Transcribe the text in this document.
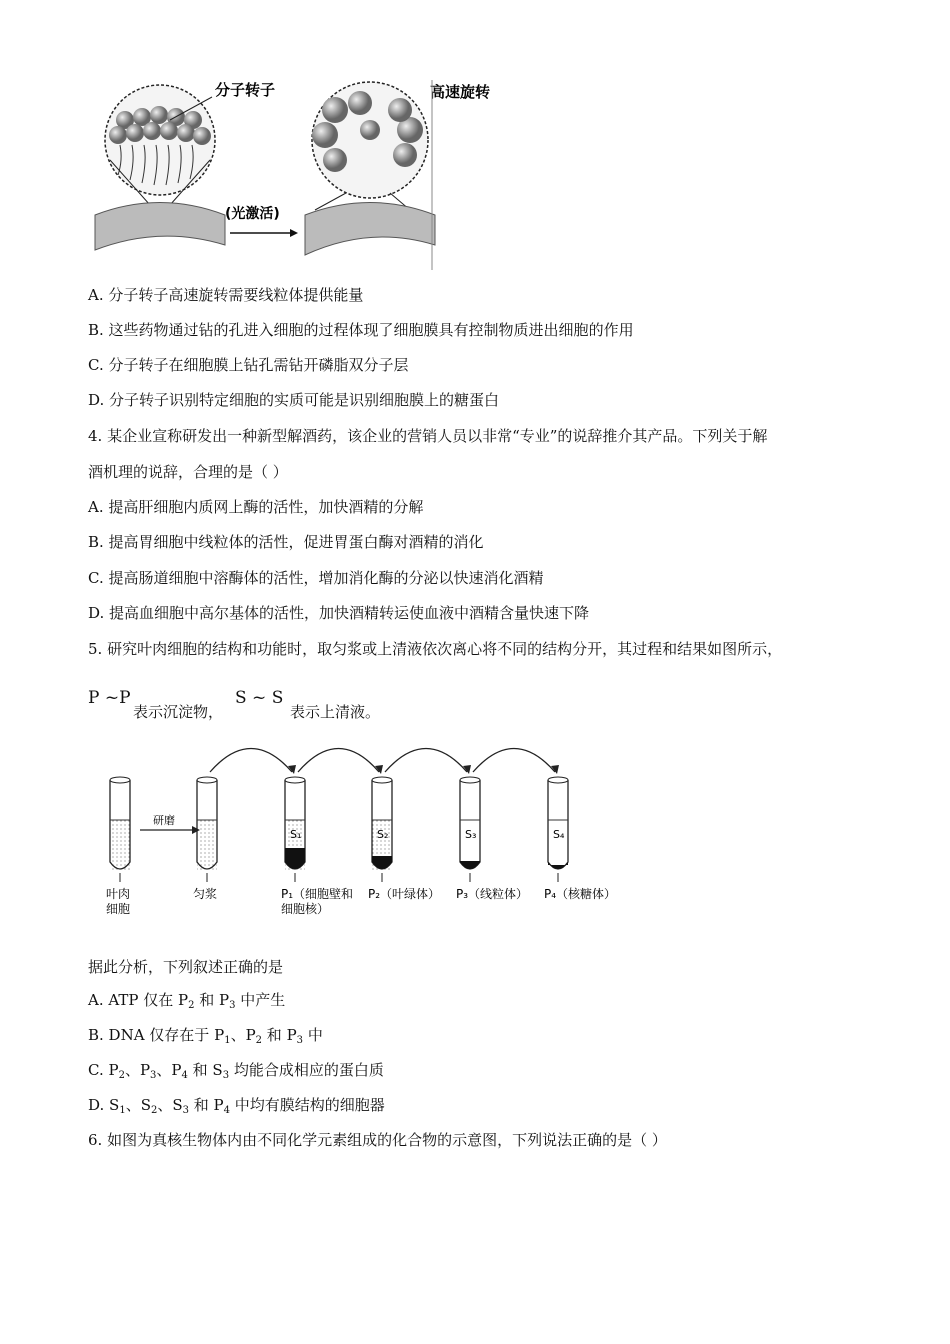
分子转子
(光激活)
高速旋转
4. 某企业宣称研发出一种新型解酒药，该企业的营销人员以非常“专业”的说辞推介其产品。下列关于解
酒机理的说辞，合理的是（ ）
5. 研究叶肉细胞的结构和功能时，取匀浆或上清液依次离心将不同的结构分开，其过程和结果如图所示，
P ~P
表示沉淀物，
S ~ S
表示上清液。
叶肉细胞
匀浆
S₁
P₁（细胞壁和细胞核）
S₂
P₂（叶绿体）
S₃
P₃（线粒体）
S₄
P₄（核糖体）
研磨
据此分析，下列叙述正确的是
6. 如图为真核生物体内由不同化学元素组成的化合物的示意图，下列说法正确的是（ ）
A. 分子转子高速旋转需要线粒体提供能量
B. 这些药物通过钻的孔进入细胞的过程体现了细胞膜具有控制物质进出细胞的作用
C. 分子转子在细胞膜上钻孔需钻开磷脂双分子层
D. 分子转子识别特定细胞的实质可能是识别细胞膜上的糖蛋白
A. 提高肝细胞内质网上酶的活性，加快酒精的分解
B. 提高胃细胞中线粒体的活性，促进胃蛋白酶对酒精的消化
C. 提高肠道细胞中溶酶体的活性，增加消化酶的分泌以快速消化酒精
D. 提高血细胞中高尔基体的活性，加快酒精转运使血液中酒精含量快速下降
A. ATP 仅在 $P_2$ 和 $P_3$ 中产生
B. DNA 仅存在于 $P_1$、$P_2$ 和 $P_3$ 中
C. $P_2$、$P_3$、$P_4$ 和 $S_3$ 均能合成相应的蛋白质
D. $S_1$、$S_2$、$S_3$ 和 $P_4$ 中均有膜结构的细胞器
